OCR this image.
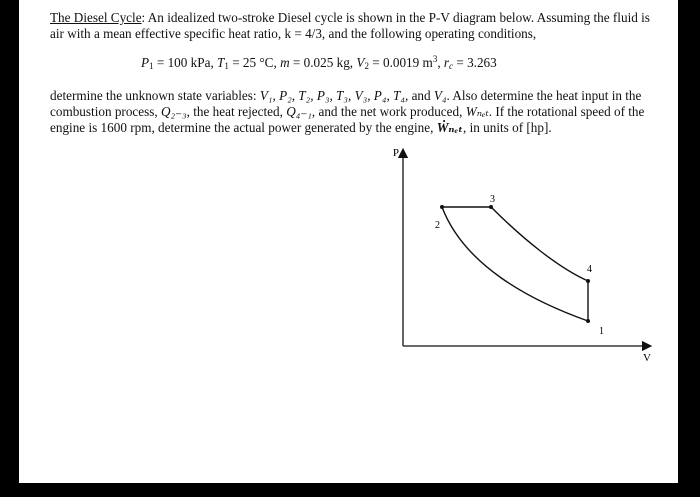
The Diesel Cycle: An idealized two-stroke Diesel cycle is shown in the P-V diagram below. Assuming the fluid is air with a mean effective specific heat ratio, k = 4/3, and the following operating conditions,

$P_1 = 100$ kPa, $T_1 = 25$ °C, m = 0.025 kg, $V_2 = 0.0019$ $m^3$, $r_c = 3.263$

determine the unknown state variables: V₁, P₂, T₂, P₃, T₃, V₃, P₄, T₄, and V₄. Also determine the heat input in the combustion process, Q₂₋₃, the heat rejected, Q₄₋₁, and the net work produced, Wₙₑₜ. If the rotational speed of the engine is 1600 rpm, determine the actual power generated by the engine, Ẇₙₑₜ, in units of [hp].

P
V
2
3
4
1
